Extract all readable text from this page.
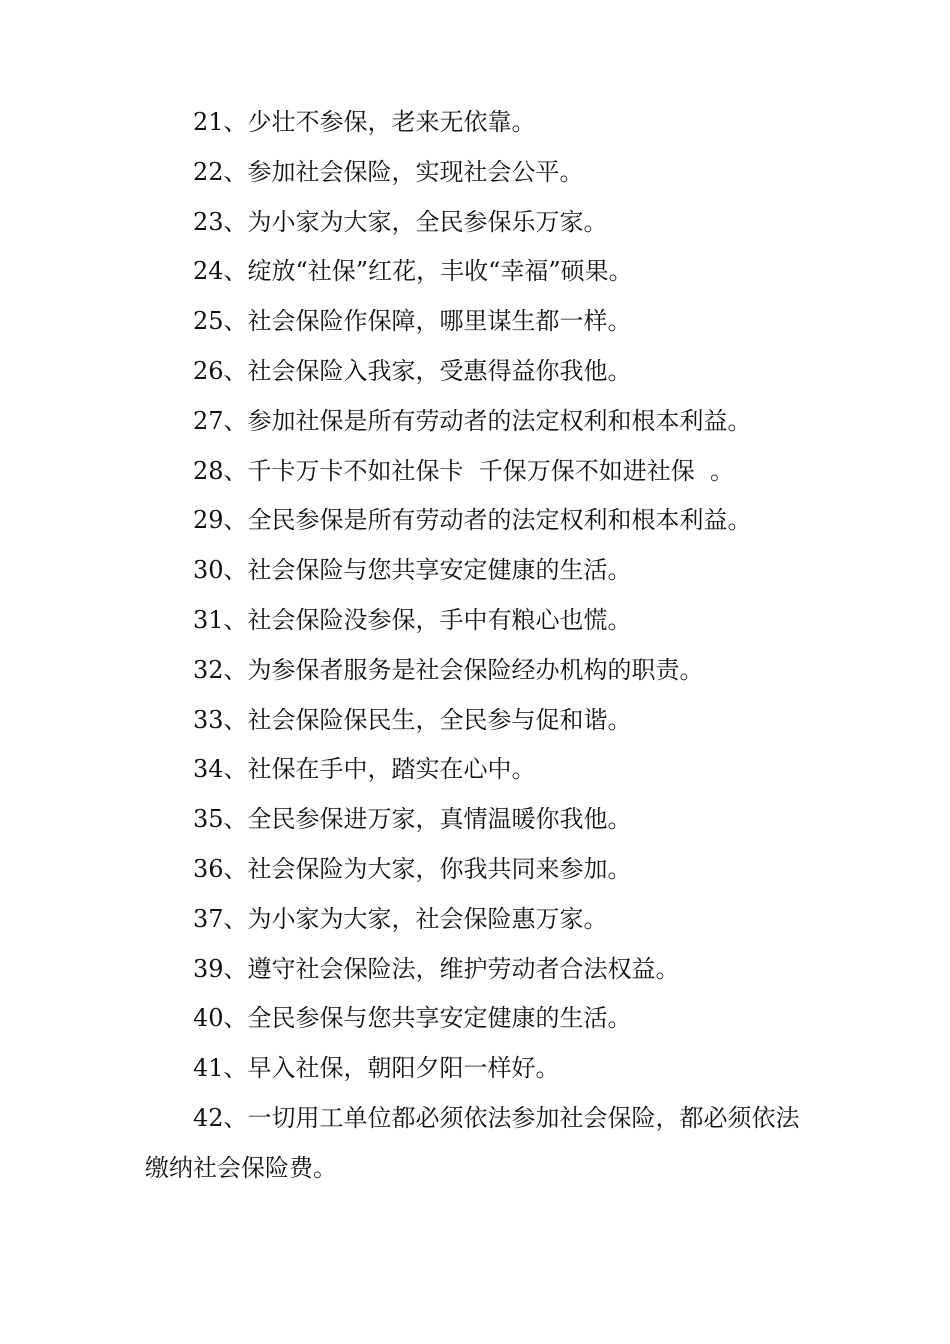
21、少壮不参保，老来无依靠。
22、参加社会保险，实现社会公平。
23、为小家为大家，全民参保乐万家。
24、绽放“社保”红花，丰收“幸福”硕果。
25、社会保险作保障，哪里谋生都一样。
26、社会保险入我家，受惠得益你我他。
27、参加社保是所有劳动者的法定权利和根本利益。
28、千卡万卡不如社保卡  千保万保不如进社保  。
29、全民参保是所有劳动者的法定权利和根本利益。
30、社会保险与您共享安定健康的生活。
31、社会保险没参保，手中有粮心也慌。
32、为参保者服务是社会保险经办机构的职责。
33、社会保险保民生，全民参与促和谐。
34、社保在手中，踏实在心中。
35、全民参保进万家，真情温暖你我他。
36、社会保险为大家，你我共同来参加。
37、为小家为大家，社会保险惠万家。
39、遵守社会保险法，维护劳动者合法权益。
40、全民参保与您共享安定健康的生活。
41、早入社保，朝阳夕阳一样好。
42、一切用工单位都必须依法参加社会保险，都必须依法缴纳社会保险费。
